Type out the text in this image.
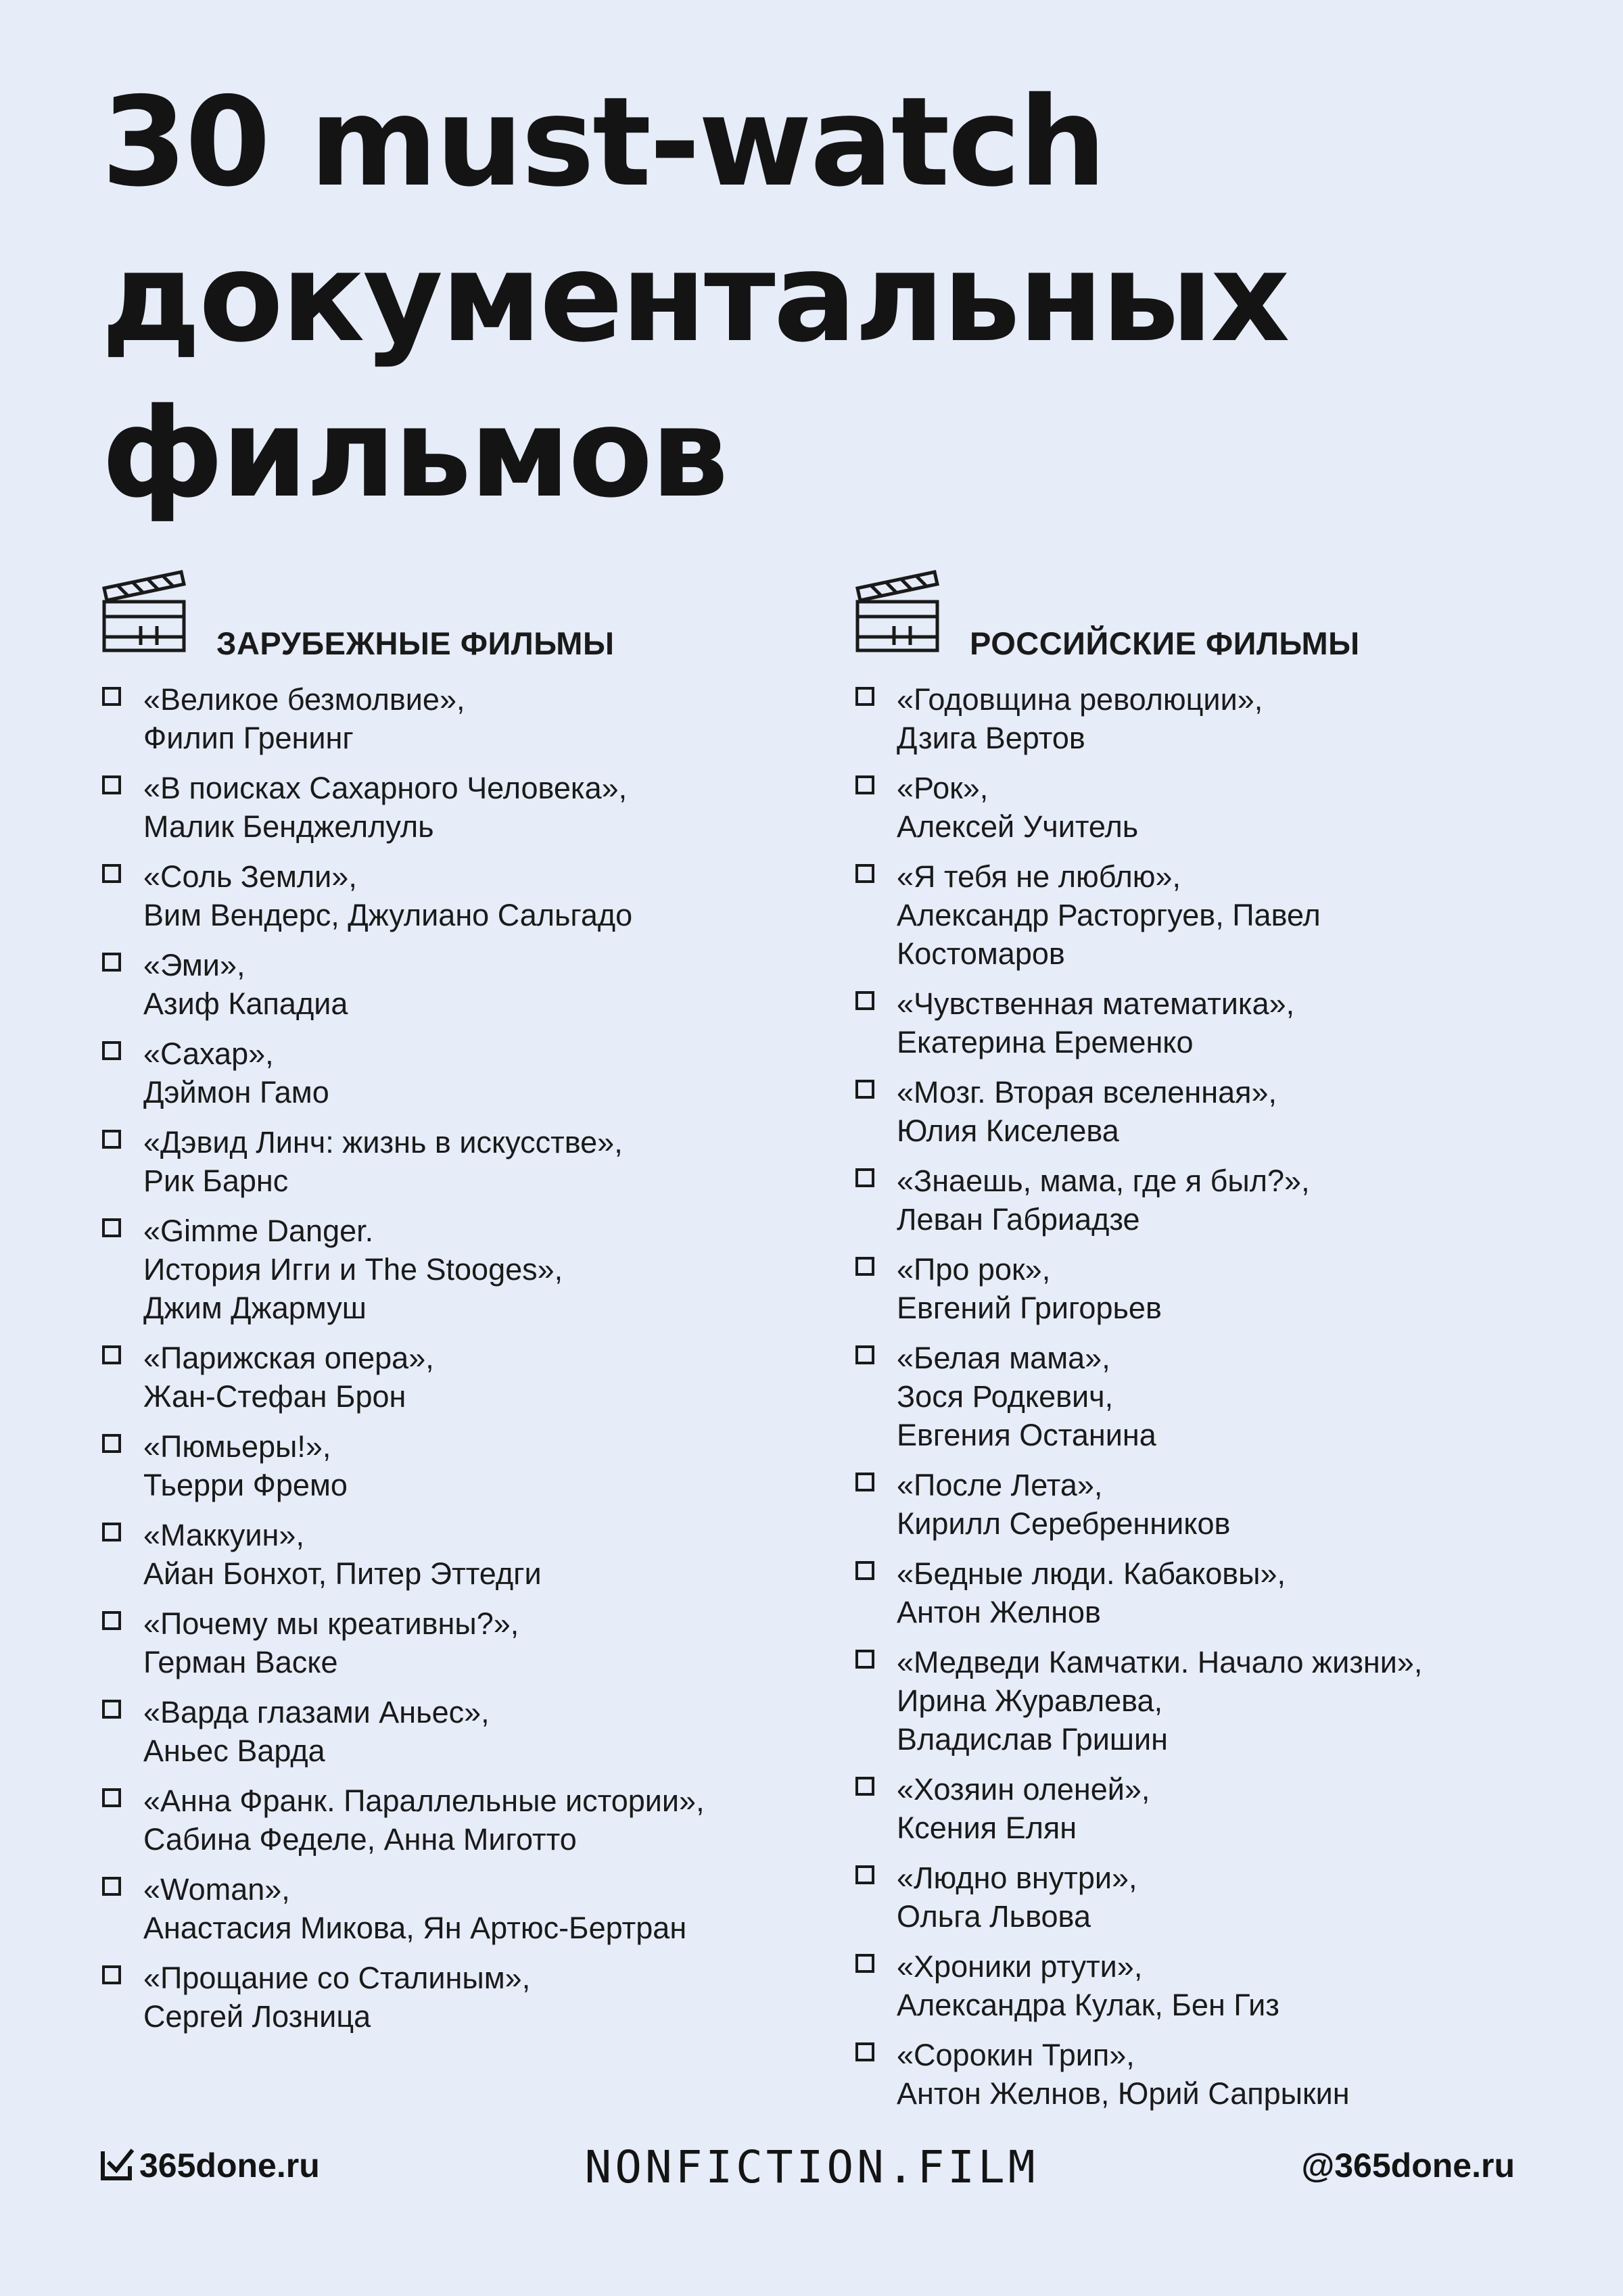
30 must-watch
документальных
фильмов
ЗАРУБЕЖНЫЕ ФИЛЬМЫ
«Великое безмолвие»,
Филип Гренинг
«В поисках Сахарного Человека»,
Малик Бенджеллуль
«Соль Земли»,
Вим Вендерс, Джулиано Сальгадо
«Эми»,
Азиф Кападиа
«Сахар»,
Дэймон Гамо
«Дэвид Линч: жизнь в искусстве»,
Рик Барнс
«Gimme Danger.
История Игги и The Stooges»,
Джим Джармуш
«Парижская опера»,
Жан-Стефан Брон
«Пюмьеры!»,
Тьерри Фремо
«Маккуин»,
Айан Бонхот, Питер Эттедги
«Почему мы креативны?»,
Герман Васке
«Варда глазами Аньес»,
Аньес Варда
«Анна Франк. Параллельные истории»,
Сабина Феделе, Анна Миготто
«Woman»,
Анастасия Микова, Ян Артюс-Бертран
«Прощание со Сталиным»,
Сергей Лозница
РОССИЙСКИЕ ФИЛЬМЫ
«Годовщина революции»,
Дзига Вертов
«Рок»,
Алексей Учитель
«Я тебя не люблю»,
Александр Расторгуев, Павел
Костомаров
«Чувственная математика»,
Екатерина Еременко
«Мозг. Вторая вселенная»,
Юлия Киселева
«Знаешь, мама, где я был?»,
Леван Габриадзе
«Про рок»,
Евгений Григорьев
«Белая мама»,
Зося Родкевич,
Евгения Останина
«После Лета»,
Кирилл Серебренников
«Бедные люди. Кабаковы»,
Антон Желнов
«Медведи Камчатки. Начало жизни»,
Ирина Журавлева,
Владислав Гришин
«Хозяин оленей»,
Ксения Елян
«Людно внутри»,
Ольга Львова
«Хроники ртути»,
Александра Кулак, Бен Гиз
«Сорокин Трип»,
Антон Желнов, Юрий Сапрыкин
365done.ru	NONFICTION.FILM	@365done.ru
